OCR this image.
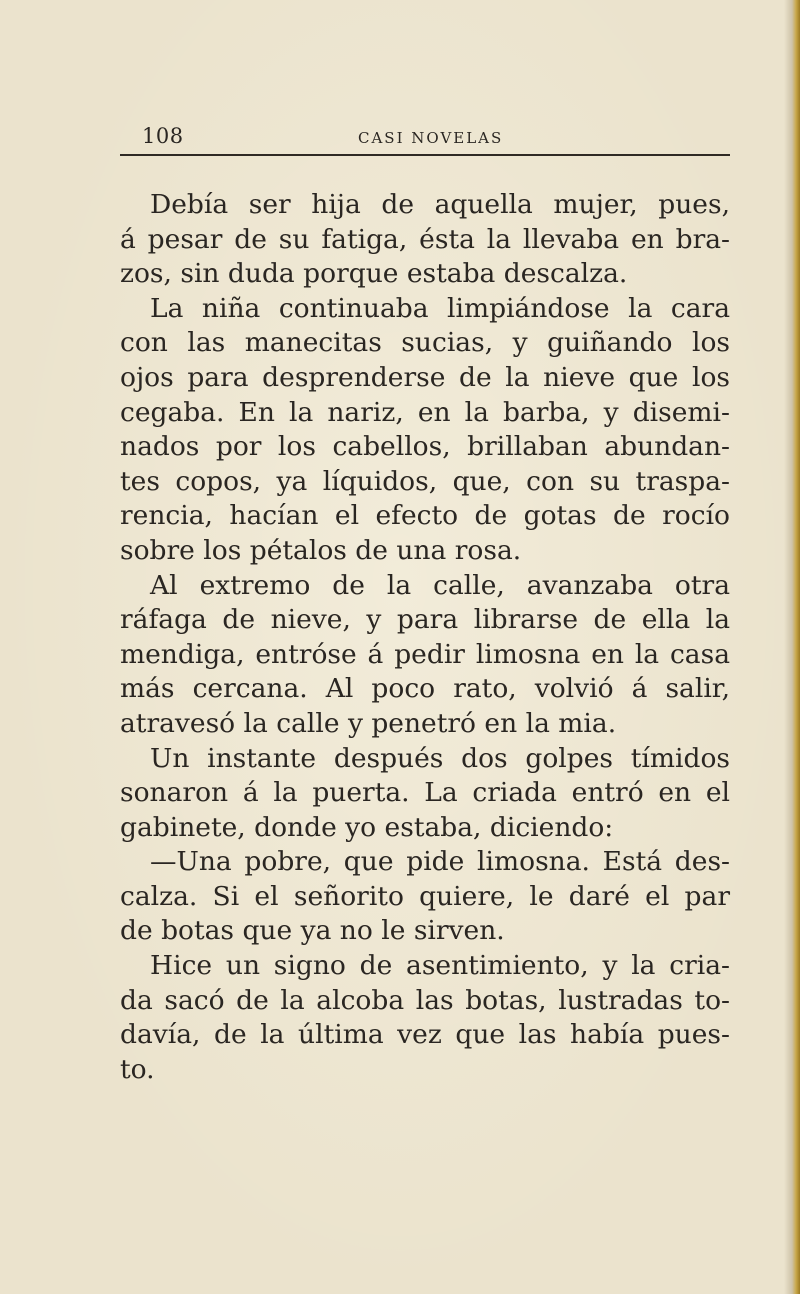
108	CASI NOVELAS
Debía ser hija de aquella mujer, pues,
á pesar de su fatiga, ésta la llevaba en bra-
zos, sin duda porque estaba descalza.
La niña continuaba limpiándose la cara
con las manecitas sucias, y guiñando los
ojos para desprenderse de la nieve que los
cegaba. En la nariz, en la barba, y disemi-
nados por los cabellos, brillaban abundan-
tes copos, ya líquidos, que, con su traspa-
rencia, hacían el efecto de gotas de rocío
sobre los pétalos de una rosa.
Al extremo de la calle, avanzaba otra
ráfaga de nieve, y para librarse de ella la
mendiga, entróse á pedir limosna en la casa
más cercana. Al poco rato, volvió á salir,
atravesó la calle y penetró en la mia.
Un instante después dos golpes tímidos
sonaron á la puerta. La criada entró en el
gabinete, donde yo estaba, diciendo:
—Una pobre, que pide limosna. Está des-
calza. Si el señorito quiere, le daré el par
de botas que ya no le sirven.
Hice un signo de asentimiento, y la cria-
da sacó de la alcoba las botas, lustradas to-
davía, de la última vez que las había pues-
to.
